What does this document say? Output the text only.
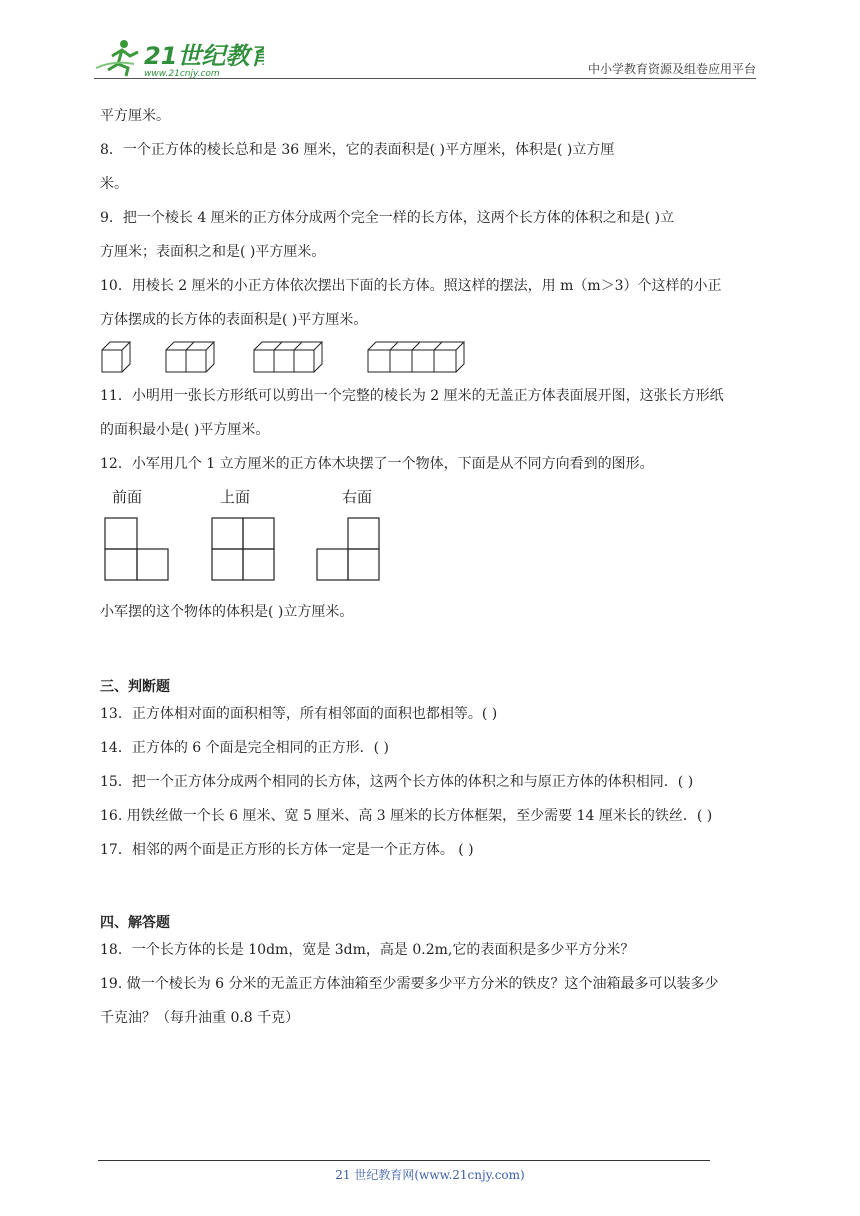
21世纪教育
www.21cnjy.com	中小学教育资源及组卷应用平台
平方厘米。
8．一个正方体的棱长总和是 36 厘米，它的表面积是( )平方厘米，体积是( )立方厘
米。
9．把一个棱长 4 厘米的正方体分成两个完全一样的长方体，这两个长方体的体积之和是( )立
方厘米；表面积之和是( )平方厘米。
10．用棱长 2 厘米的小正方体依次摆出下面的长方体。照这样的摆法，用 m（m＞3）个这样的小正
方体摆成的长方体的表面积是( )平方厘米。
11．小明用一张长方形纸可以剪出一个完整的棱长为 2 厘米的无盖正方体表面展开图，这张长方形纸
的面积最小是( )平方厘米。
12．小军用几个 1 立方厘米的正方体木块摆了一个物体，下面是从不同方向看到的图形。
前面	上面	右面
小军摆的这个物体的体积是( )立方厘米。
三、判断题
13．正方体相对面的面积相等，所有相邻面的面积也都相等。( )
14．正方体的 6 个面是完全相同的正方形．( )
15．把一个正方体分成两个相同的长方体，这两个长方体的体积之和与原正方体的体积相同．( )
16. 用铁丝做一个长 6 厘米、宽 5 厘米、高 3 厘米的长方体框架，至少需要 14 厘米长的铁丝．( )
17．相邻的两个面是正方形的长方体一定是一个正方体。 ( )
四、解答题
18．一个长方体的长是 10dm，宽是 3dm，高是 0.2m,它的表面积是多少平方分米？
19. 做一个棱长为 6 分米的无盖正方体油箱至少需要多少平方分米的铁皮？这个油箱最多可以装多少
千克油？（每升油重 0.8 千克）
21 世纪教育网(www.21cnjy.com)
